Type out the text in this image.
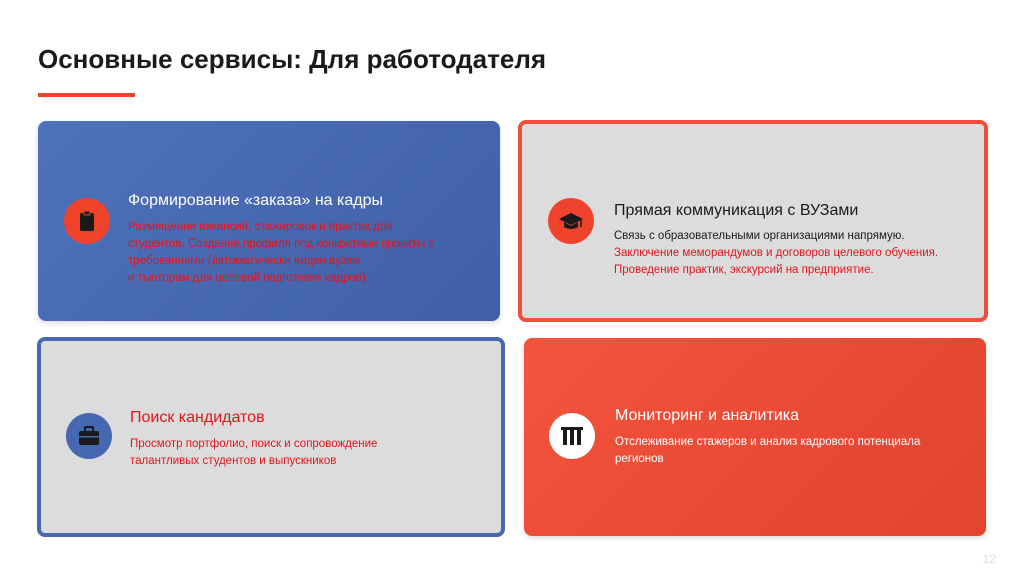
Основные сервисы: Для работодателя
Формирование «заказа» на кадры
Размещение вакансий, стажировок и практик для
студентов. Создание профиля под конкретные проекты с
требованиями (автоматически виден вузам
и тьюторам для целевой подготовки кадров)
Прямая коммуникация с ВУЗами
Связь с образовательными организациями напрямую.
Заключение меморандумов и договоров целевого обучения.
Проведение практик, экскурсий на предприятие.
Поиск кандидатов
Просмотр портфолио, поиск и сопровождение
талантливых студентов и выпускников
Мониторинг и аналитика
Отслеживание стажеров и анализ кадрового потенциала
регионов
12
